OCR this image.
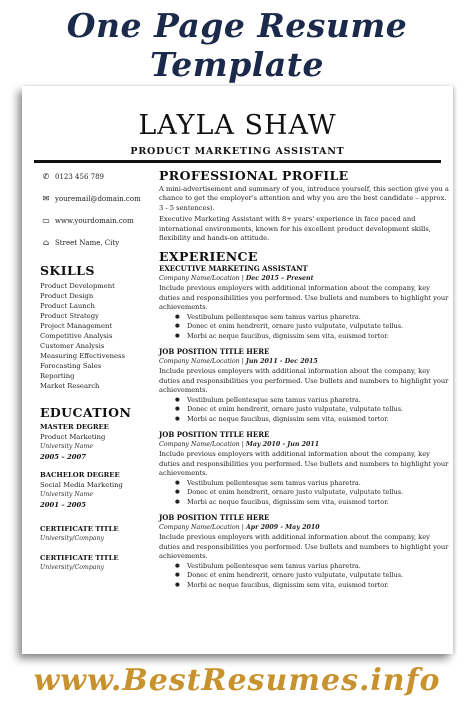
One Page Resume Template
LAYLA SHAW
PRODUCT MARKETING ASSISTANT
✆ 0123 456 789
✉ youremail@domain.com
▭ www.yourdomain.com
⌂ Street Name, City
SKILLS
Product Development
Product Design
Product Launch
Product Strategy
Project Management
Competitive Analysis
Customer Analysis
Measuring Effectiveness
Forecasting Sales
Reporting
Market Research
EDUCATION
MASTER DEGREE
Product Marketing
University Name
2005 – 2007
BACHELOR DEGREE
Social Media Marketing
University Name
2001 – 2005
CERTIFICATE TITLE
University/Company
CERTIFICATE TITLE
University/Company
PROFESSIONAL PROFILE
A mini-advertisement and summary of you, introduce yourself, this section give you a chance to get the employer's attention and why you are the best candidate – approx. 3 - 5 sentences).
Executive Marketing Assistant with 8+ years' experience in face paced and international environments, known for his excellent product development skills, flexibility and hands-on attitude.
EXPERIENCE
EXECUTIVE MARKETING ASSISTANT
Company Name/Location | Dec 2015 – Present
Include previous employers with additional information about the company, key duties and responsibilities you performed. Use bullets and numbers to highlight your achievements.
● Vestibulum pellentesque sem tamus varius pharetra.
● Donec et enim hendrerit, ornare justo vulputate, vulputate tellus.
● Morbi ac neque faucibus, dignissim sem vita, euismod tortor.
JOB POSITION TITLE HERE
Company Name/Location | Jun 2011 - Dec 2015
Include previous employers with additional information about the company, key duties and responsibilities you performed. Use bullets and numbers to highlight your achievements.
● Vestibulum pellentesque sem tamus varius pharetra.
● Donec et enim hendrerit, ornare justo vulputate, vulputate tellus.
● Morbi ac neque faucibus, dignissim sem vita, euismod tortor.
JOB POSITION TITLE HERE
Company Name/Location | May 2010 - Jun 2011
Include previous employers with additional information about the company, key duties and responsibilities you performed. Use bullets and numbers to highlight your achievements.
● Vestibulum pellentesque sem tamus varius pharetra.
● Donec et enim hendrerit, ornare justo vulputate, vulputate tellus.
● Morbi ac neque faucibus, dignissim sem vita, euismod tortor.
JOB POSITION TITLE HERE
Company Name/Location | Apr 2009 - May 2010
Include previous employers with additional information about the company, key duties and responsibilities you performed. Use bullets and numbers to highlight your achievements.
● Vestibulum pellentesque sem tamus varius pharetra.
● Donec et enim hendrerit, ornare justo vulputate, vulputate tellus.
● Morbi ac neque faucibus, dignissim sem vita, euismod tortor.
www.BestResumes.info
